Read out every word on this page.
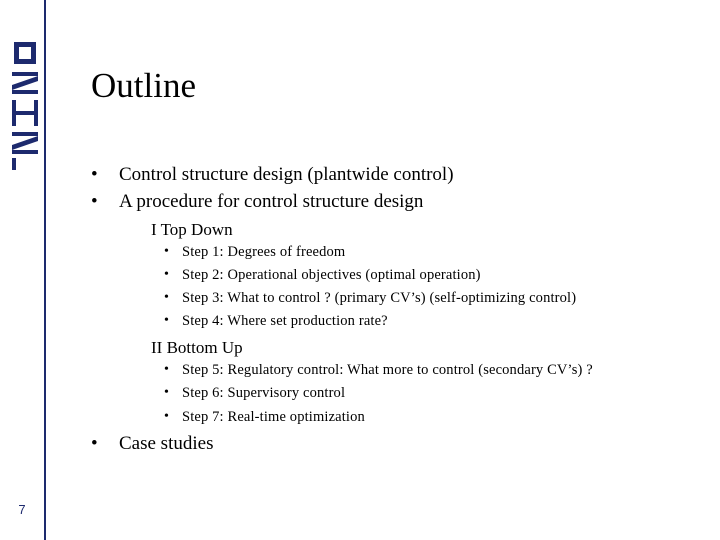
7
Outline
• Control structure design (plantwide control)
• A procedure for control structure design
I Top Down
• Step 1: Degrees of freedom
• Step 2: Operational objectives (optimal operation)
• Step 3: What to control ? (primary CV’s) (self-optimizing control)
• Step 4: Where set production rate?
II Bottom Up
• Step 5: Regulatory control: What more to control (secondary CV’s) ?
• Step 6: Supervisory control
• Step 7: Real-time optimization
• Case studies
